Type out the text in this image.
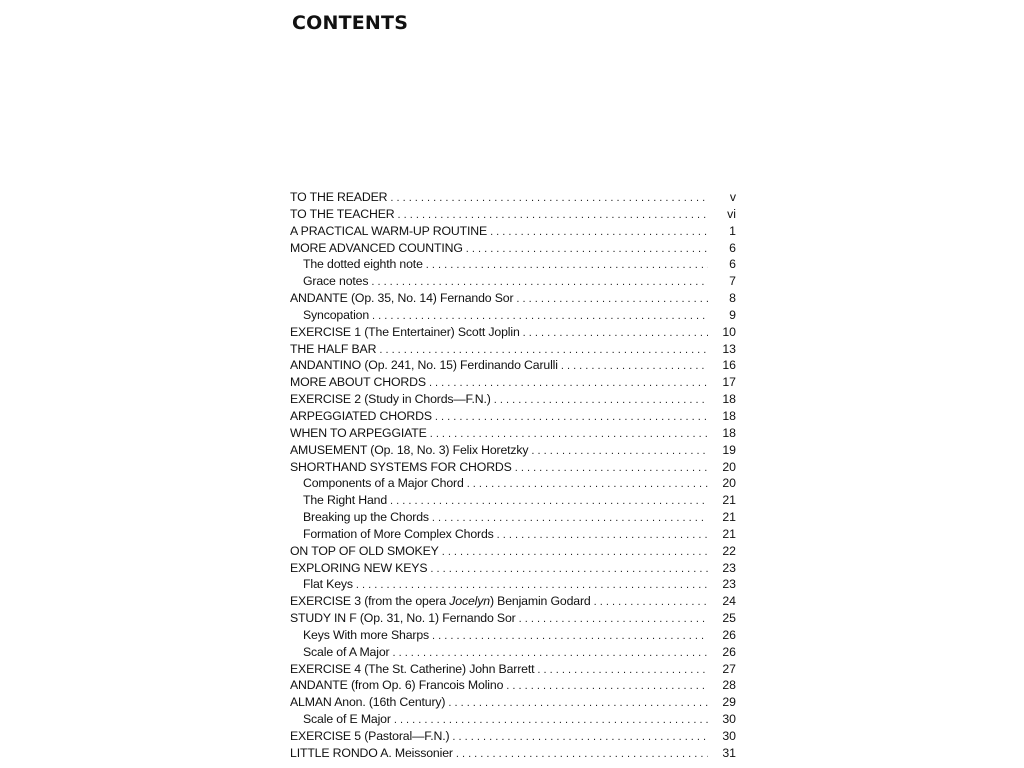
CONTENTS
TO THE READER . . .	v
TO THE TEACHER . . .	vi
A PRACTICAL WARM-UP ROUTINE . . .	1
MORE ADVANCED COUNTING . . .	6
The dotted eighth note . . .	6
Grace notes . . .	7
ANDANTE (Op. 35, No. 14) Fernando Sor . . .	8
Syncopation . . .	9
EXERCISE 1 (The Entertainer) Scott Joplin . . .	10
THE HALF BAR . . .	13
ANDANTINO (Op. 241, No. 15) Ferdinando Carulli . . .	16
MORE ABOUT CHORDS . . .	17
EXERCISE 2 (Study in Chords—F.N.) . . .	18
ARPEGGIATED CHORDS . . .	18
WHEN TO ARPEGGIATE . . .	18
AMUSEMENT (Op. 18, No. 3) Felix Horetzky . . .	19
SHORTHAND SYSTEMS FOR CHORDS . . .	20
Components of a Major Chord . . .	20
The Right Hand . . .	21
Breaking up the Chords . . .	21
Formation of More Complex Chords . . .	21
ON TOP OF OLD SMOKEY . . .	22
EXPLORING NEW KEYS . . .	23
Flat Keys . . .	23
EXERCISE 3 (from the opera Jocelyn) Benjamin Godard . . .	24
STUDY IN F (Op. 31, No. 1) Fernando Sor . . .	25
Keys With more Sharps . . .	26
Scale of A Major . . .	26
EXERCISE 4 (The St. Catherine) John Barrett . . .	27
ANDANTE (from Op. 6) Francois Molino . . .	28
ALMAN Anon. (16th Century) . . .	29
Scale of E Major . . .	30
EXERCISE 5 (Pastoral—F.N.) . . .	30
LITTLE RONDO A. Meissonier . . .	31
